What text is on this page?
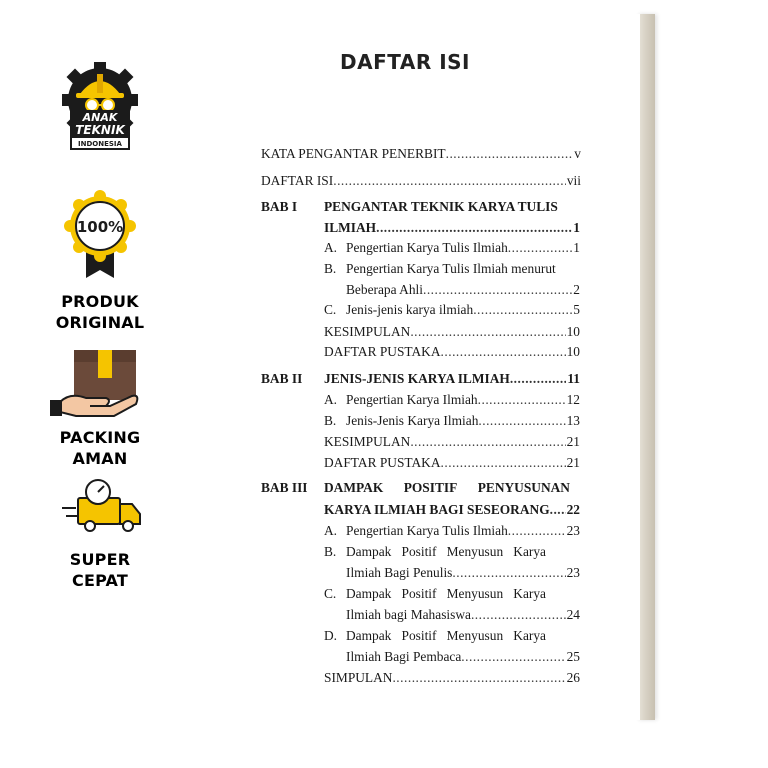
ANAK
TEKNIK
INDONESIA
100%
PRODUK
ORIGINAL
PACKING
AMAN
SUPER
CEPAT
DAFTAR ISI
KATA PENGANTAR PENERBIT .....	v
DAFTAR ISI .....	vii
BAB I PENGANTAR TEKNIK KARYA TULIS
ILMIAH .....	1
A. Pengertian Karya Tulis Ilmiah .....	1
B. Pengertian Karya Tulis Ilmiah menurut
Beberapa Ahli .....	2
C. Jenis-jenis karya ilmiah .....	5
KESIMPULAN .....	10
DAFTAR PUSTAKA .....	10
BAB II JENIS-JENIS KARYA ILMIAH .....	11
A. Pengertian Karya Ilmiah .....	12
B. Jenis-Jenis Karya Ilmiah .....	13
KESIMPULAN .....	21
DAFTAR PUSTAKA .....	21
BAB III DAMPAK POSITIF PENYUSUNAN
KARYA ILMIAH BAGI SESEORANG ..... 22
A. Pengertian Karya Tulis Ilmiah .....	23
B. Dampak Positif Menyusun Karya
Ilmiah Bagi Penulis .....	23
C. Dampak Positif Menyusun Karya
Ilmiah bagi Mahasiswa .....	24
D. Dampak Positif Menyusun Karya
Ilmiah Bagi Pembaca .....	25
SIMPULAN .....	26
